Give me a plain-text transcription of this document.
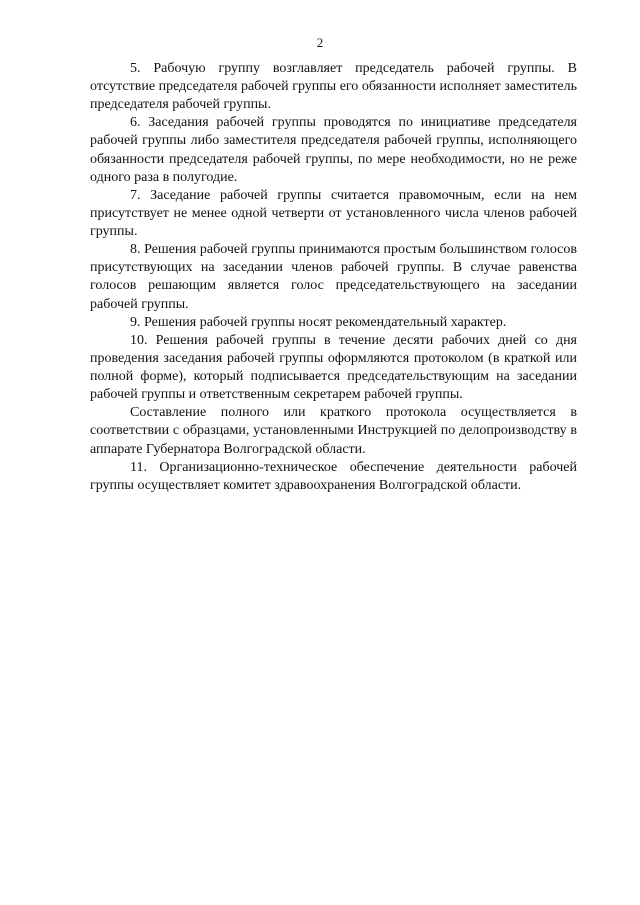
2

5. Рабочую группу возглавляет председатель рабочей группы. В отсутствие председателя рабочей группы его обязанности исполняет заместитель председателя рабочей группы.

6. Заседания рабочей группы проводятся по инициативе председателя рабочей группы либо заместителя председателя рабочей группы, исполняющего обязанности председателя рабочей группы, по мере необходимости, но не реже одного раза в полугодие.

7. Заседание рабочей группы считается правомочным, если на нем присутствует не менее одной четверти от установленного числа членов рабочей группы.

8. Решения рабочей группы принимаются простым большинством голосов присутствующих на заседании членов рабочей группы. В случае равенства голосов решающим является голос председательствующего на заседании рабочей группы.

9. Решения рабочей группы носят рекомендательный характер.

10. Решения рабочей группы в течение десяти рабочих дней со дня проведения заседания рабочей группы оформляются протоколом (в краткой или полной форме), который подписывается председательствующим на заседании рабочей группы и ответственным секретарем рабочей группы.

Составление полного или краткого протокола осуществляется в соответствии с образцами, установленными Инструкцией по делопроизводству в аппарате Губернатора Волгоградской области.

11. Организационно-техническое обеспечение деятельности рабочей группы осуществляет комитет здравоохранения Волгоградской области.
